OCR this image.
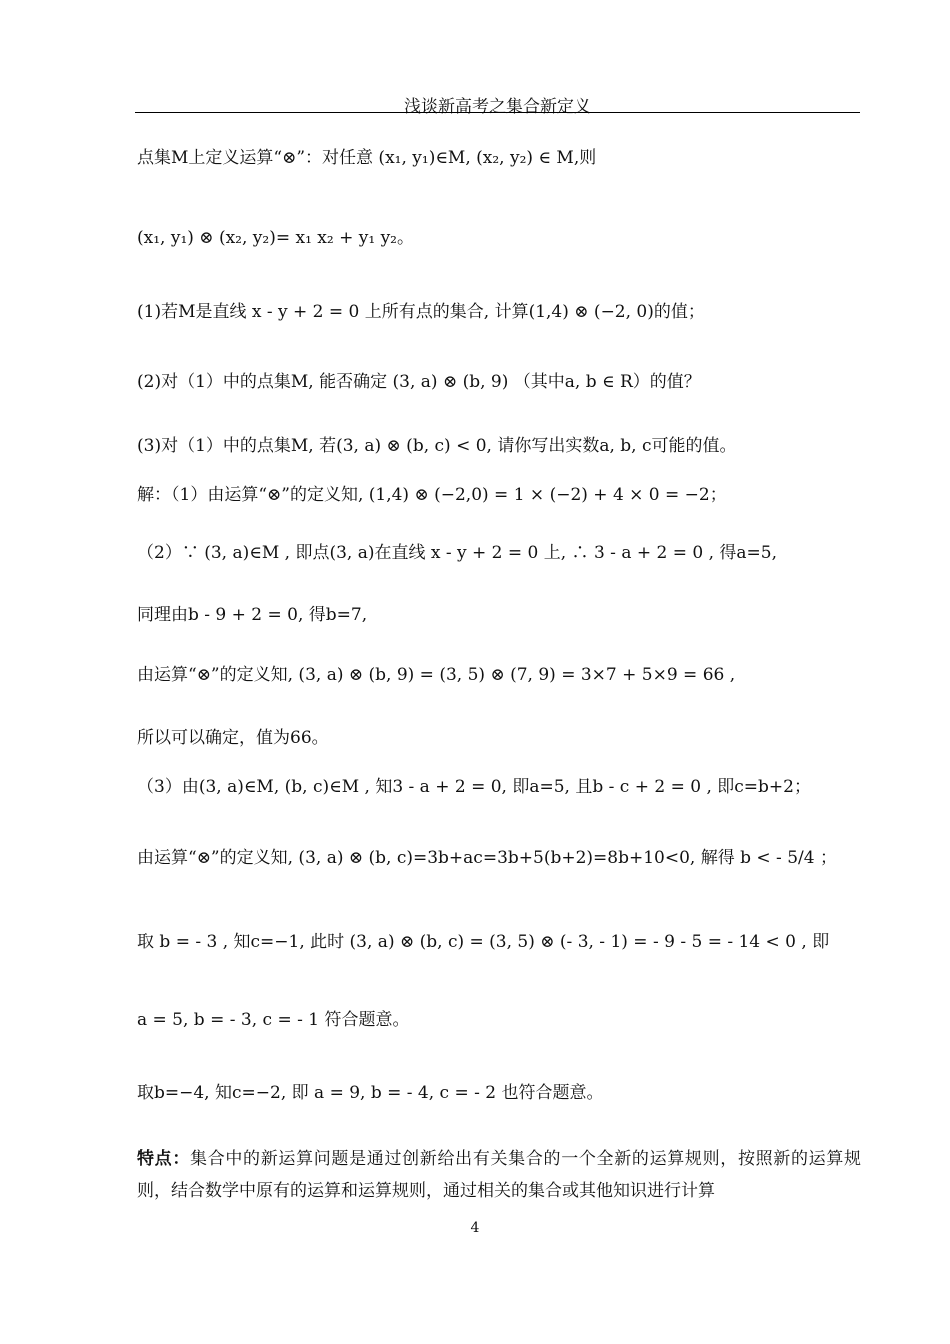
浅谈新高考之集合新定义
点集M上定义运算“⊗”：对任意 (x₁, y₁)∈M, (x₂, y₂) ∈ M,则
(x₁, y₁) ⊗ (x₂, y₂)= x₁ x₂ + y₁ y₂。
(1)若M是直线 x - y + 2 = 0 上所有点的集合, 计算(1,4) ⊗ (−2, 0)的值；
(2)对（1）中的点集M, 能否确定 (3, a) ⊗ (b, 9) （其中a, b ∈ R）的值？
(3)对（1）中的点集M, 若(3, a) ⊗ (b, c) < 0, 请你写出实数a, b, c可能的值。
解：（1）由运算“⊗”的定义知, (1,4) ⊗ (−2,0) = 1 × (−2) + 4 × 0 = −2；
（2）∵ (3, a)∈M , 即点(3, a)在直线 x - y + 2 = 0 上, ∴ 3 - a + 2 = 0 , 得a=5,
同理由b - 9 + 2 = 0, 得b=7,
由运算“⊗”的定义知, (3, a) ⊗ (b, 9) = (3, 5) ⊗ (7, 9) = 3×7 + 5×9 = 66 ,
所以可以确定，值为66。
（3）由(3, a)∈M, (b, c)∈M , 知3 - a + 2 = 0, 即a=5, 且b - c + 2 = 0 , 即c=b+2；
由运算“⊗”的定义知, (3, a) ⊗ (b, c)=3b+ac=3b+5(b+2)=8b+10<0, 解得 b < - 5/4 ；
取 b = - 3 , 知c=−1, 此时 (3, a) ⊗ (b, c) = (3, 5) ⊗ (- 3, - 1) = - 9 - 5 = - 14 < 0 , 即
a = 5, b = - 3, c = - 1 符合题意。
取b=−4, 知c=−2, 即 a = 9, b = - 4, c = - 2 也符合题意。
特点：集合中的新运算问题是通过创新给出有关集合的一个全新的运算规则，按照新的运算规则，结合数学中原有的运算和运算规则，通过相关的集合或其他知识进行计算
4
